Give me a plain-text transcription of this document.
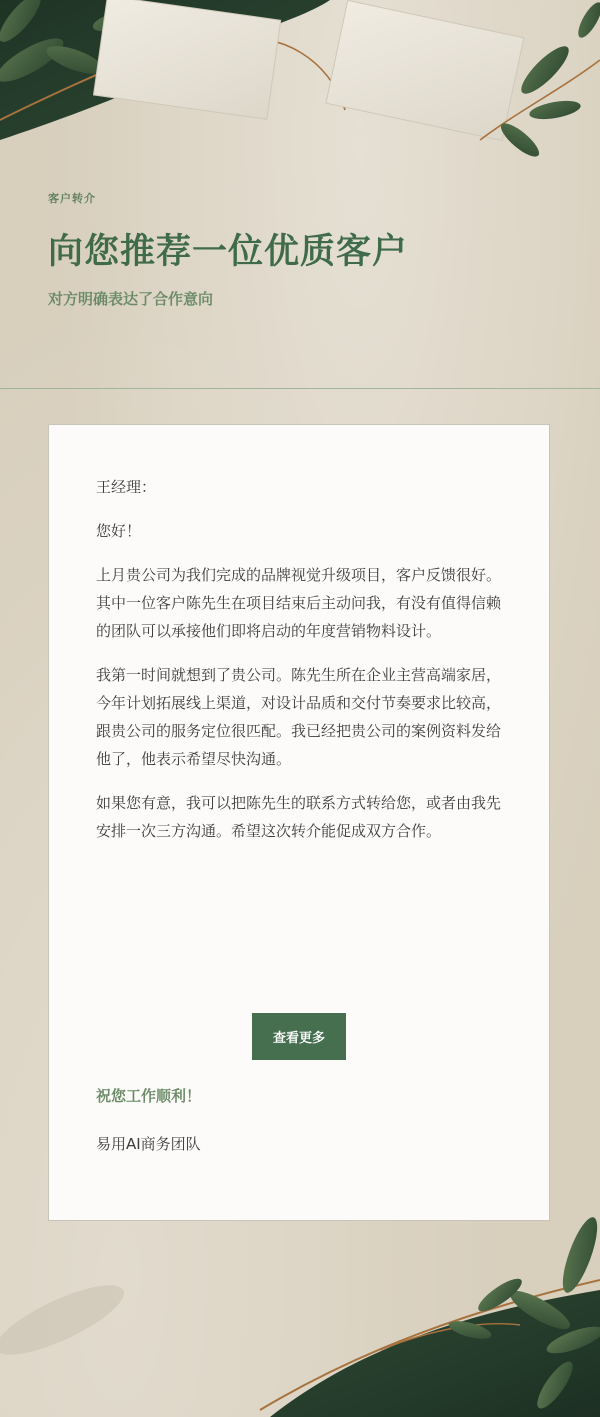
客户转介
向您推荐一位优质客户
对方明确表达了合作意向

王经理：

您好！

上月贵公司为我们完成的品牌视觉升级项目，客户反馈很好。其中一位客户陈先生在项目结束后主动问我，有没有值得信赖的团队可以承接他们即将启动的年度营销物料设计。

我第一时间就想到了贵公司。陈先生所在企业主营高端家居，今年计划拓展线上渠道，对设计品质和交付节奏要求比较高，跟贵公司的服务定位很匹配。我已经把贵公司的案例资料发给他了，他表示希望尽快沟通。

如果您有意，我可以把陈先生的联系方式转给您，或者由我先安排一次三方沟通。希望这次转介能促成双方合作。

查看更多
祝您工作顺利！
易用AI商务团队
